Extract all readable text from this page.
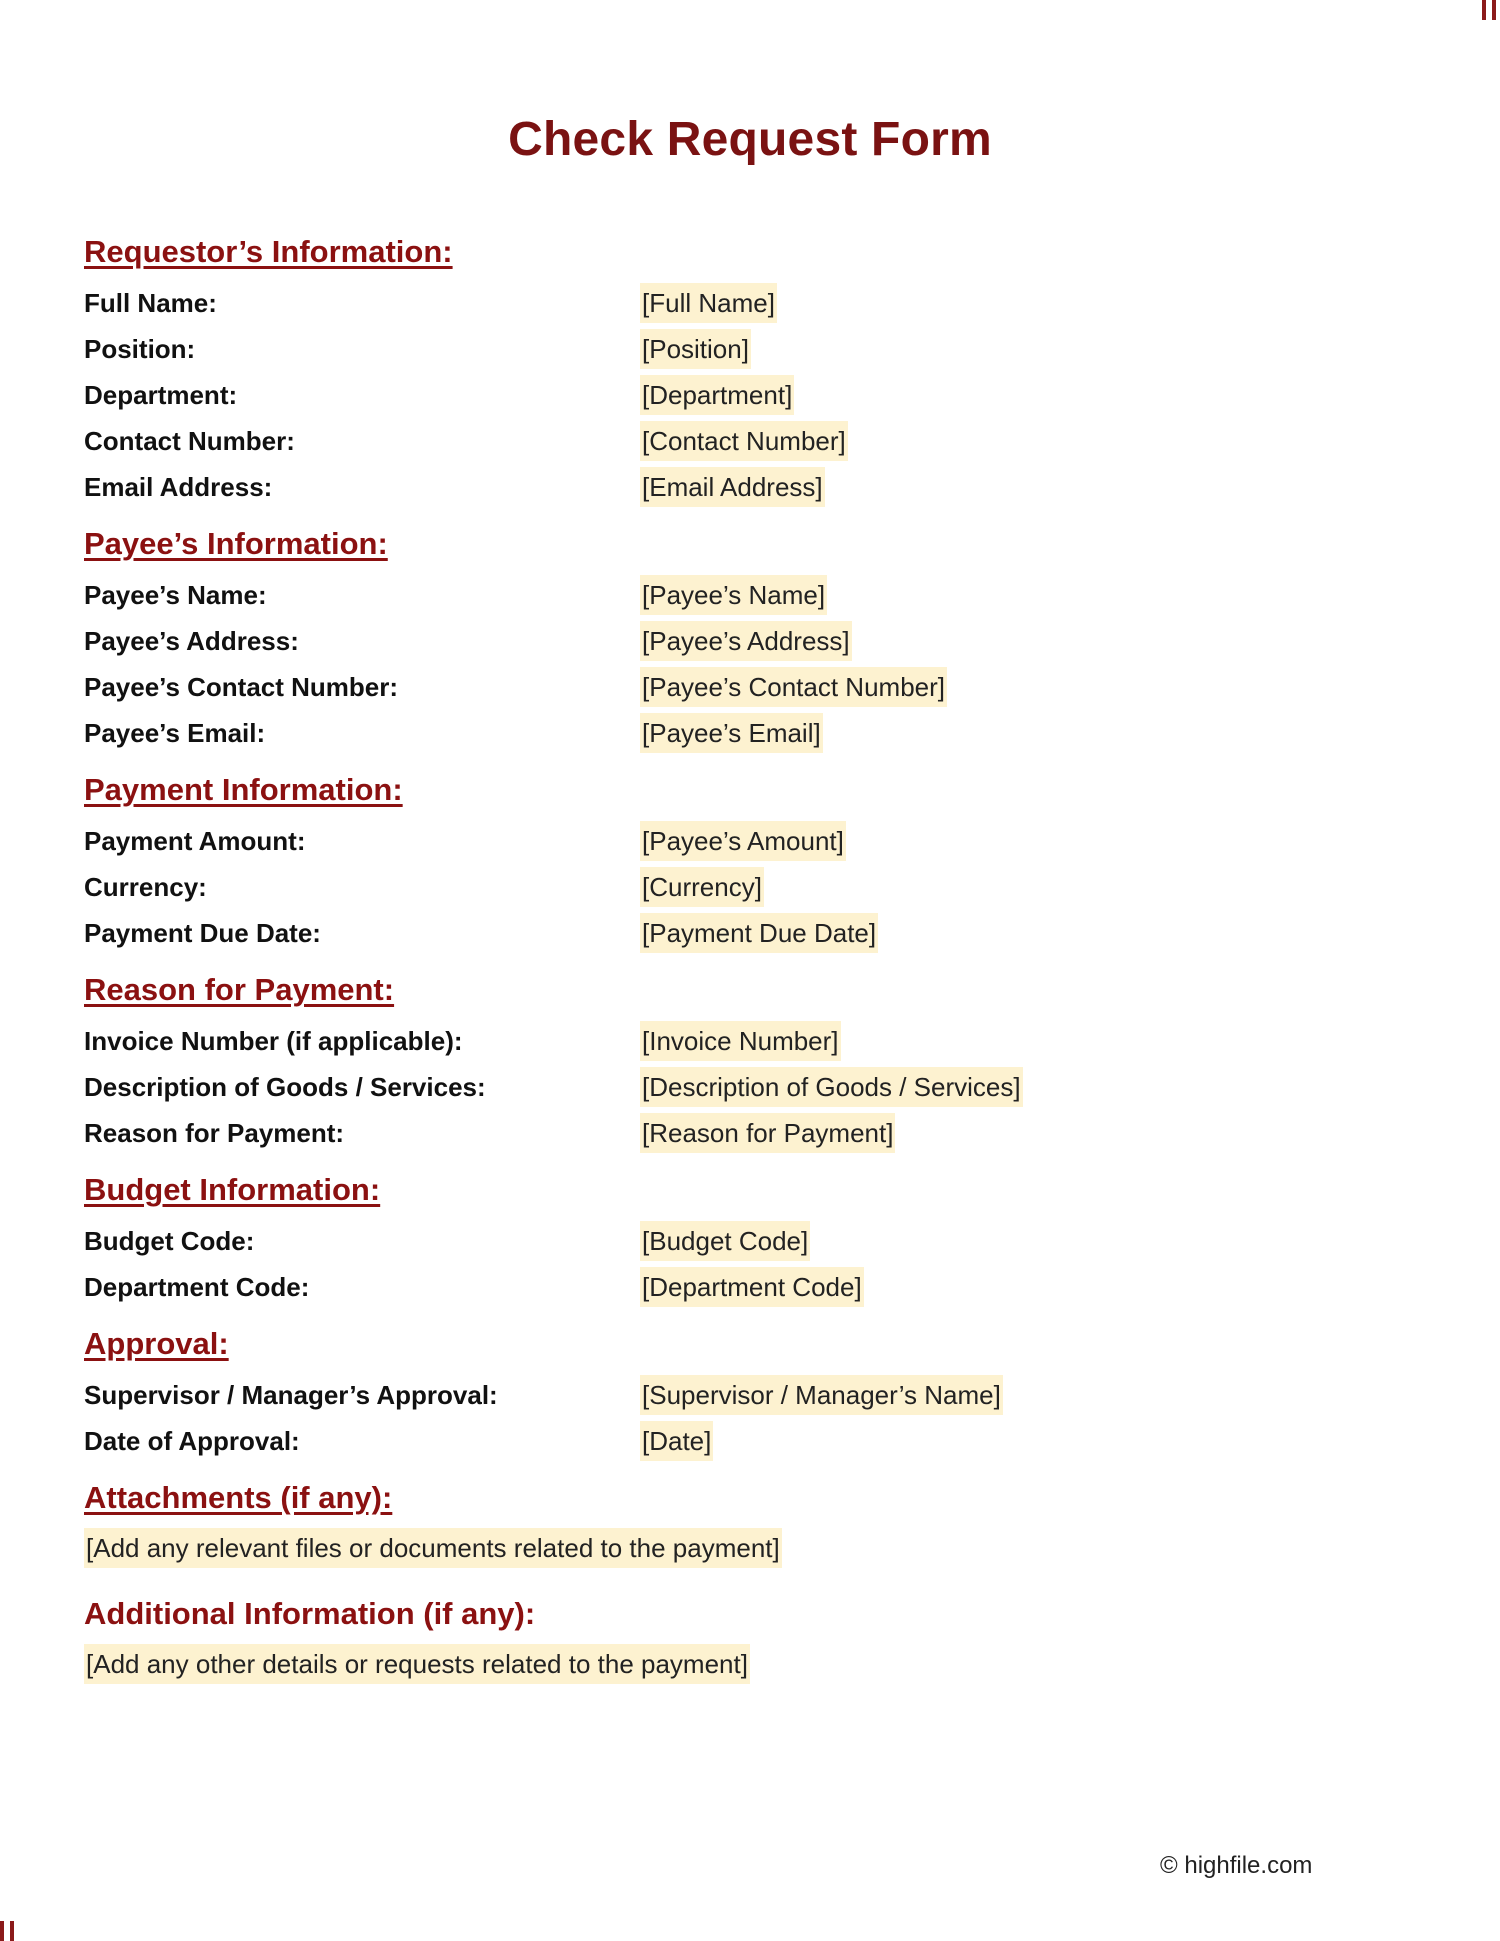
Check Request Form
Requestor’s Information:
Full Name:	[Full Name]
Position:	[Position]
Department:	[Department]
Contact Number:	[Contact Number]
Email Address:	[Email Address]
Payee’s Information:
Payee’s Name:	[Payee’s Name]
Payee’s Address:	[Payee’s Address]
Payee’s Contact Number:	[Payee’s Contact Number]
Payee’s Email:	[Payee’s Email]
Payment Information:
Payment Amount:	[Payee’s Amount]
Currency:	[Currency]
Payment Due Date:	[Payment Due Date]
Reason for Payment:
Invoice Number (if applicable):	[Invoice Number]
Description of Goods / Services:	[Description of Goods / Services]
Reason for Payment:	[Reason for Payment]
Budget Information:
Budget Code:	[Budget Code]
Department Code:	[Department Code]
Approval:
Supervisor / Manager’s Approval:	[Supervisor / Manager’s Name]
Date of Approval:	[Date]
Attachments (if any):
[Add any relevant files or documents related to the payment]
Additional Information (if any):
[Add any other details or requests related to the payment]
© highfile.com
